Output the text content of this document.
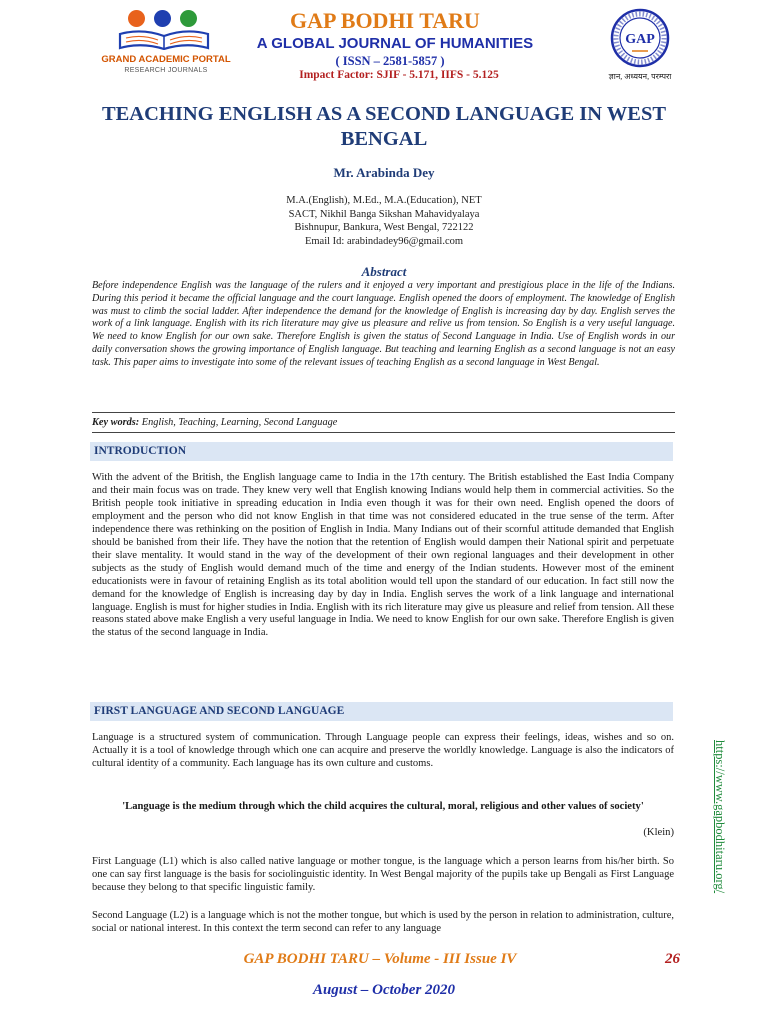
GRAND ACADEMIC PORTAL
RESEARCH JOURNALS
GAP BODHI TARU
A GLOBAL JOURNAL OF HUMANITIES
( ISSN – 2581-5857 )
Impact Factor: SJIF - 5.171, IIFS - 5.125
GAP
ज्ञान, अध्ययन, परम्परा
TEACHING ENGLISH AS A SECOND LANGUAGE IN WEST BENGAL
Mr. Arabinda Dey
M.A.(English), M.Ed., M.A.(Education), NET
SACT, Nikhil Banga Sikshan Mahavidyalaya
Bishnupur, Bankura, West Bengal, 722122
Email Id: arabindadey96@gmail.com
Abstract
Before independence English was the language of the rulers and it enjoyed a very important and prestigious place in the life of the Indians. During this period it became the official language and the court language. English opened the doors of employment. The knowledge of English was must to climb the social ladder. After independence the demand for the knowledge of English is increasing day by day. English serves the work of a link language. English with its rich literature may give us pleasure and relive us from tension. So English is a very useful language. We need to know English for our own sake. Therefore English is given the status of Second Language in India. Use of English words in our daily conversation shows the growing importance of English language. But teaching and learning English as a second language is not an easy task. This paper aims to investigate into some of the relevant issues of teaching English as a second language in West Bengal.
Key words: English, Teaching, Learning, Second Language
INTRODUCTION
With the advent of the British, the English language came to India in the 17th century. The British established the East India Company and their main focus was on trade. They knew very well that English knowing Indians would help them in commercial activities. So the British people took initiative in spreading education in India even though it was for their own need. English opened the doors of employment and the person who did not know English in that time was not considered educated in the true sense of the term. After independence there was rethinking on the position of English in India. Many Indians out of their scornful attitude demanded that English should be banished from their life. They have the notion that the retention of English would dampen their National spirit and perpetuate their slave mentality. It would stand in the way of the development of their own regional languages and their development in other subjects as the study of English would demand much of the time and energy of the Indian students. However most of the eminent educationists were in favour of retaining English as its total abolition would tell upon the standard of our education. In fact still now the demand for the knowledge of English is increasing day by day in India. English serves the work of a link language and international language. English is must for higher studies in India. English with its rich literature may give us pleasure and relief from tension. All these reasons stated above make English a very useful language in India. We need to know English for our own sake. Therefore English is given the status of the second language in India.
FIRST LANGUAGE AND SECOND LANGUAGE
Language is a structured system of communication. Through Language people can express their feelings, ideas, wishes and so on. Actually it is a tool of knowledge through which one can acquire and preserve the worldly knowledge. Language is also the indicators of cultural identity of a community. Each language has its own culture and customs.
'Language is the medium through which the child acquires the cultural, moral, religious and other values of society'
(Klein)
First Language (L1) which is also called native language or mother tongue, is the language which a person learns from his/her birth. So one can say first language is the basis for sociolinguistic identity. In West Bengal majority of the pupils take up Bengali as First Language because they belong to that specific linguistic family.
Second Language (L2) is a language which is not the mother tongue, but which is used by the person in relation to administration, culture, social or national interest. In this context the term second can refer to any language
https://www.gapbodhitaru.org/
GAP BODHI TARU – Volume - III Issue IV	26
August – October 2020
